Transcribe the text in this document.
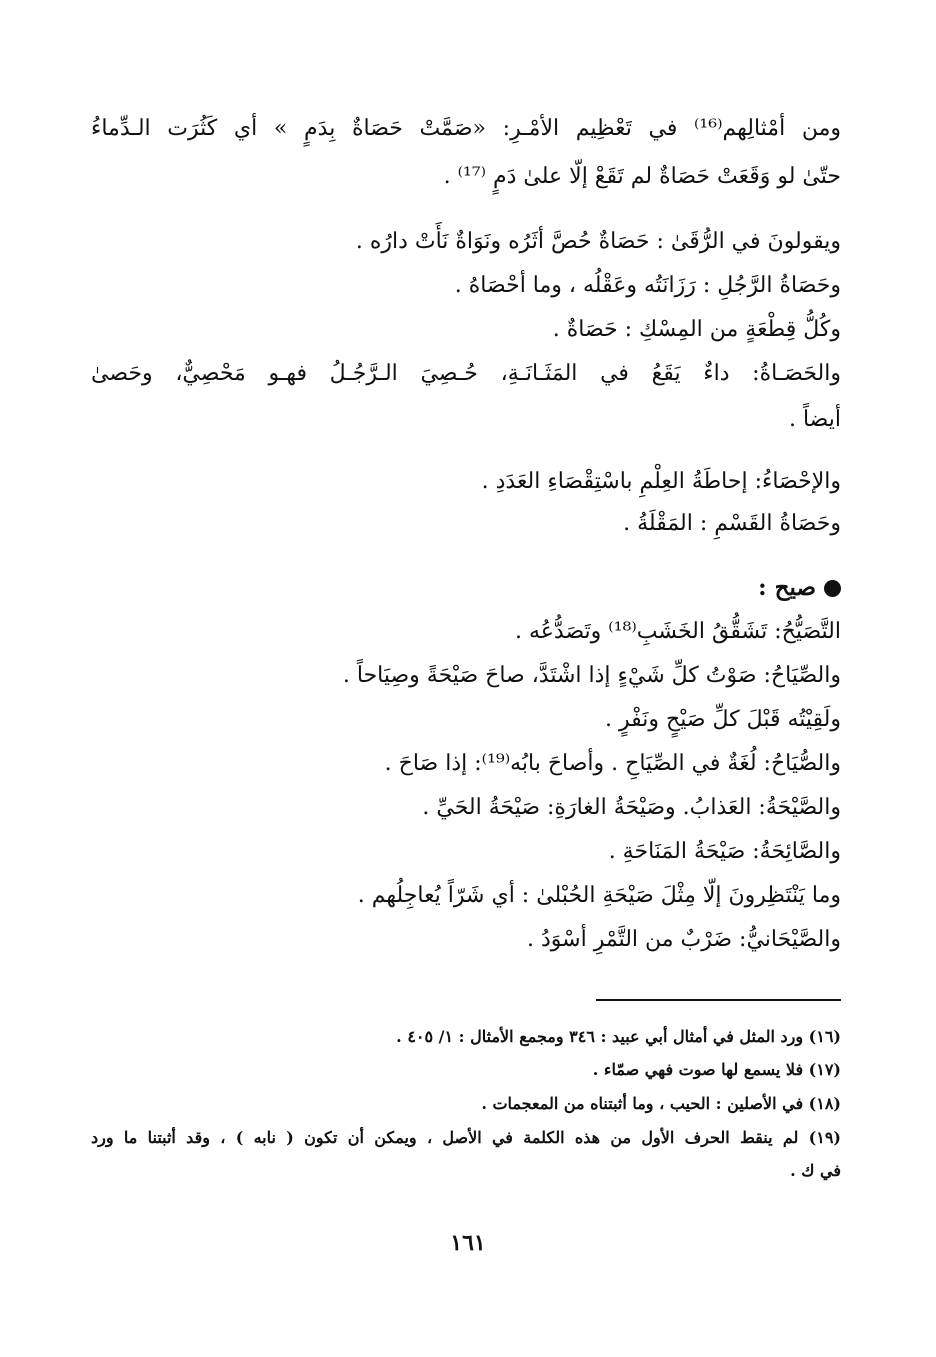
ومن أمْثالِهم⁽¹⁶⁾ في تَعْظِيم الأمْـرِ: «صَمَّتْ حَصَاةٌ بِدَمٍ » أي كَثُرَت الـدِّماءُ
حتّىٰ لو وَقَعَتْ حَصَاةٌ لم تَقَعْ إلّا علىٰ دَمٍ ⁽¹⁷⁾ .
ويقولونَ في الرُّقَىٰ : حَصَاةٌ حُصَّ أثَرُه ونَوَاةٌ نَأَتْ دارُه .
وحَصَاةُ الرَّجُلِ : رَزَانَتُه وعَقْلُه ، وما أحْصَاهُ .
وكُلُّ قِطْعَةٍ من المِسْكِ : حَصَاةٌ .
والحَصَـاةُ: داءٌ يَقَعُ في المَثَـانَـةِ، حُـصِيَ الـرَّجُـلُ فهـو مَحْصِيٌّ، وحَصىٰ
أيضاً .
والإحْصَاءُ: إحاطَةُ العِلْمِ باسْتِقْصَاءِ العَدَدِ .
وحَصَاةُ القَسْمِ : المَقْلَةُ .
صيح :
التَّصَيُّحُ: تَشَقُّقُ الخَشَبِ⁽¹⁸⁾ وتَصَدُّعُه .
والصِّيَاحُ: صَوْتُ كلِّ شَيْءٍ إذا اشْتَدَّ، صاحَ صَيْحَةً وصِيَاحاً .
ولَقِيْتُه قَبْلَ كلِّ صَيْحٍ ونَفْرٍ .
والصُّيَاحُ: لُغَةٌ في الصِّيَاحِ . وأصاحَ بابُه⁽¹⁹⁾: إذا صَاحَ .
والصَّيْحَةُ: العَذابُ. وصَيْحَةُ الغارَةِ: صَيْحَةُ الحَيِّ .
والصَّائِحَةُ: صَيْحَةُ المَنَاحَةِ .
وما يَنْتَظِرونَ إلّا مِثْلَ صَيْحَةِ الحُبْلىٰ : أي شَرّاً يُعاجِلُهم .
والصَّيْحَانيُّ: ضَرْبٌ من التَّمْرِ أسْوَدُ .
(١٦) ورد المثل في أمثال أبي عبيد : ٣٤٦ ومجمع الأمثال : ١/ ٤٠٥ .
(١٧) فلا يسمع لها صوت فهي صمّاء .
(١٨) في الأصلين : الحيب ، وما أثبتناه من المعجمات .
(١٩) لم ينقط الحرف الأول من هذه الكلمة في الأصل ، ويمكن أن تكون ( نابه ) ، وقد أثبتنا ما ورد
في ك .
١٦١
